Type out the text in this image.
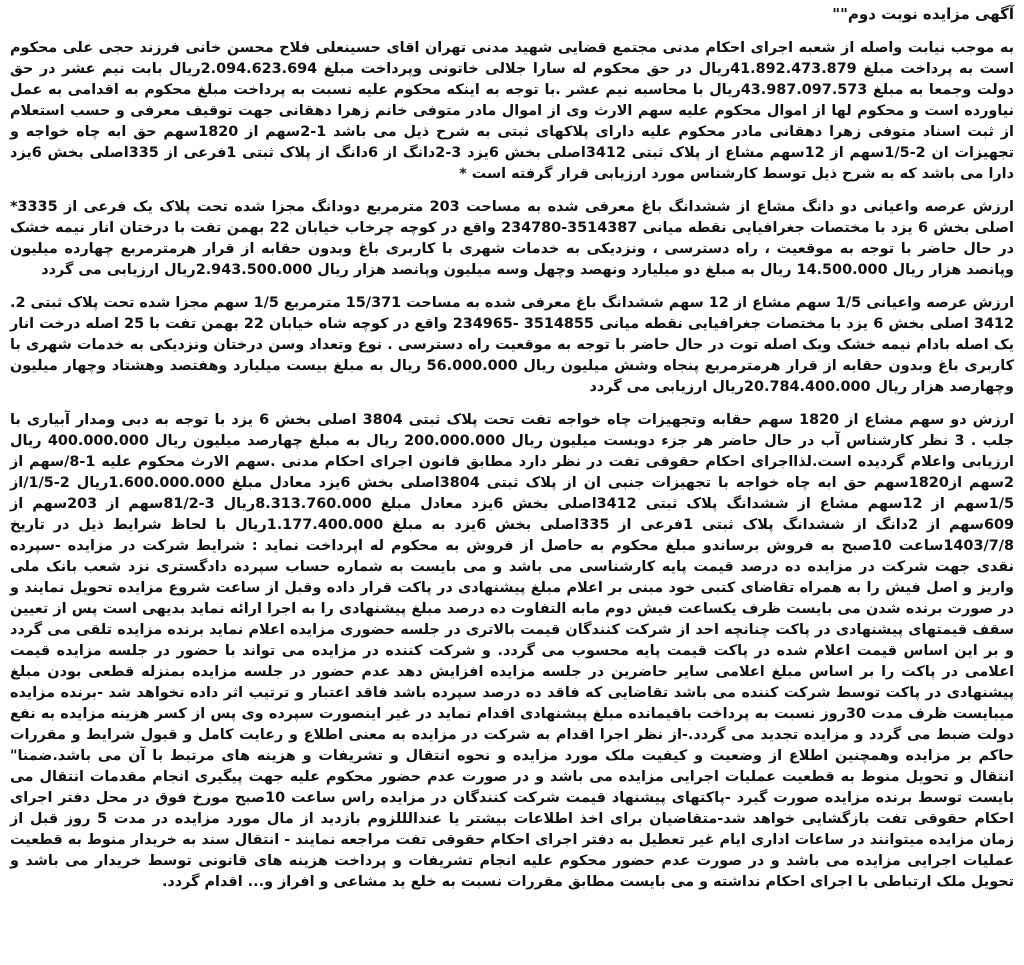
آگهی مزایده نوبت دوم""
به موجب نیابت واصله از شعبه اجرای احکام مدنی مجتمع قضایی شهید مدنی تهران اقای حسینعلی فلاح محسن خانی فرزند حجی علی محکوم است به پرداخت مبلغ 41.892.473.879ریال در حق محکوم له سارا جلالی خاتونی وپرداخت مبلغ 2.094.623.694ریال بابت نیم عشر در حق دولت وجمعا به مبلغ 43.987.097.573ریال با محاسبه نیم عشر .با توجه به اینکه محکوم علیه نسبت به پرداخت مبلغ محکوم به اقدامی به عمل نیاورده است و محکوم لها از اموال محکوم علیه سهم الارث وی از اموال مادر متوفی خانم زهرا دهقانی جهت توقیف معرفی و حسب استعلام از ثبت اسناد متوفی زهرا دهقانی مادر محکوم علیه دارای پلاکهای ثبتی به شرح ذیل می باشد 1-2سهم از 1820سهم حق ابه چاه خواجه و تجهیزات ان 2-1/5سهم از 12سهم مشاع از پلاک ثبتی 3412اصلی بخش 6یزد 3-2دانگ از 6دانگ از پلاک ثبتی 1فرعی از 335اصلی بخش 6یزد دارا می باشد که به شرح ذیل توسط کارشناس مورد ارزیابی قرار گرفته است *
ارزش عرصه واعیانی دو دانگ مشاع از ششدانگ باغ معرفی شده به مساحت 203 مترمربع دودانگ مجزا شده تحت پلاک یک فرعی از 3335* اصلی بخش 6 یزد با مختصات جغرافیایی نقطه میانی 3514387-234780 واقع در کوچه چرخاب خیابان 22 بهمن تفت با درختان انار نیمه خشک در حال حاضر با توجه به موقعیت ، راه دسترسی ، ونزدیکی به خدمات شهری با کاربری باغ وبدون حقابه از قرار هرمترمربع چهارده میلیون وپانصد هزار ریال 14.500.000 ریال به مبلغ دو میلیارد ونهصد وچهل وسه میلیون وپانصد هزار ریال 2.943.500.000ریال ارزیابی می گردد
ارزش عرصه واعیانی 1/5 سهم مشاع از 12 سهم ششدانگ باغ معرفی شده به مساحت 15/371 مترمربع 1/5 سهم مجزا شده تحت پلاک ثبتی 2. 3412 اصلی بخش 6 یزد با مختصات جغرافیایی نقطه میانی 3514855 -234965 واقع در کوچه شاه خیابان 22 بهمن تفت با 25 اصله درخت انار یک اصله بادام نیمه خشک ویک اصله توت در حال حاضر با توجه به موقعیت راه دسترسی . نوع وتعداد وسن درختان ونزدیکی به خدمات شهری با کاربری باغ وبدون حقابه از قرار هرمترمربع پنجاه وشش میلیون ریال 56.000.000 ریال به مبلغ بیست میلیارد وهفتصد وهشتاد وچهار میلیون وچهارصد هزار ریال 20.784.400.000ریال ارزیابی می گردد
ارزش دو سهم مشاع از 1820 سهم حقابه وتجهیزات چاه خواجه تفت تحت پلاک ثبتی 3804 اصلی بخش 6 یزد با توجه به دبی ومدار آبیاری با جلب . 3 نظر کارشناس آب در حال حاضر هر جزء دویست میلیون ریال 200.000.000 ریال به مبلغ چهارصد میلیون ریال 400.000.000 ریال ارزیابی واعلام گردیده است.لذااجرای احکام حقوقی تفت در نظر دارد مطابق قانون اجرای احکام مدنی .سهم الارث محکوم علیه 1-8/سهم از 2سهم از1820سهم حق ابه چاه خواجه با تجهیزات جنبی ان از پلاک ثبتی 3804اصلی بخش 6یزد معادل مبلغ 1.600.000.000ریال 2-1/5/از 1/5سهم از 12سهم مشاع از ششدانگ پلاک ثبتی 3412اصلی بخش 6یزد معادل مبلغ 8.313.760.000ریال 3-81/2سهم از 203سهم از 609سهم از 2دانگ از ششدانگ پلاک ثبتی 1فرعی از 335اصلی بخش 6یزد به مبلغ 1.177.400.000ریال با لحاظ شرایط ذیل در تاریخ 1403/7/8ساعت 10صبح به فروش برساندو مبلغ محکوم به حاصل از فروش به محکوم له اپرداخت نماید : شرایط شرکت در مزایده -سپرده نقدی جهت شرکت در مزایده ده درصد قیمت پایه کارشناسی می باشد و می بایست به شماره حساب سپرده دادگستری نزد شعب بانک ملی واریز و اصل فیش را به همراه تقاضای کتبی خود مبنی بر اعلام مبلغ پیشنهادی در پاکت قرار داده وقبل از ساعت شروع مزایده تحویل نمایند و در صورت برنده شدن می بایست ظرف یکساعت فیش دوم مابه التفاوت ده درصد مبلغ پیشنهادی را به اجرا ارائه نماید بدیهی است پس از تعیین سقف قیمتهای پیشنهادی در پاکت چنانچه احد از شرکت کنندگان قیمت بالاتری در جلسه حضوری مزایده اعلام نماید برنده مزایده تلقی می گردد و بر این اساس قیمت اعلام شده در پاکت قیمت پایه محسوب می گردد. و شرکت کننده در مزایده می تواند با حضور در جلسه مزایده قیمت اعلامی در پاکت را بر اساس مبلغ اعلامی سایر حاضرین در جلسه مزایده افزایش دهد عدم حضور در جلسه مزایده بمنزله قطعی بودن مبلغ پیشنهادی در پاکت توسط شرکت کننده می باشد تقاضایی که فاقد ده درصد سپرده باشد فاقد اعتبار و ترتیب اثر داده نخواهد شد -برنده مزایده میبایست ظرف مدت 30روز نسبت به پرداخت باقیمانده مبلغ پیشنهادی اقدام نماید در غیر اینصورت سپرده وی پس از کسر هزینه مزایده به نفع دولت ضبط می گردد و مزایده تجدید می گردد.-از نظر اجرا اقدام به شرکت در مزایده به معنی اطلاع و رعایت کامل و قبول شرایط و مقررات حاکم بر مزایده وهمچنین اطلاع از وضعیت و کیفیت ملک مورد مزایده و نحوه انتقال و تشریفات و هزینه های مرتبط با آن می باشد.ضمنا" انتقال و تحویل منوط به قطعیت عملیات اجرایی مزایده می باشد و در صورت عدم حضور محکوم علیه جهت پیگیری انجام مقدمات انتقال می بایست توسط برنده مزایده صورت گیرد -پاکتهای پیشنهاد قیمت شرکت کنندگان در مزایده راس ساعت 10صبح مورخ فوق در محل دفتر اجرای احکام حقوقی تفت بازگشایی خواهد شد-متقاضیان برای اخذ اطلاعات بیشتر یا عندالللزوم بازدید از مال مورد مزایده در مدت 5 روز قبل از زمان مزایده میتوانند در ساعات اداری ایام غیر تعطیل به دفتر اجرای احکام حقوقی تفت مراجعه نمایند - انتقال سند به خریدار منوط به قطعیت عملیات اجرایی مزایده می باشد و در صورت عدم حضور محکوم علیه انجام تشریفات و پرداخت هزینه های قانونی توسط خریدار می باشد و تحویل ملک ارتباطی با اجرای احکام نداشته و می بایست مطابق مقررات نسبت به خلع ید مشاعی و افراز و... اقدام گردد.
